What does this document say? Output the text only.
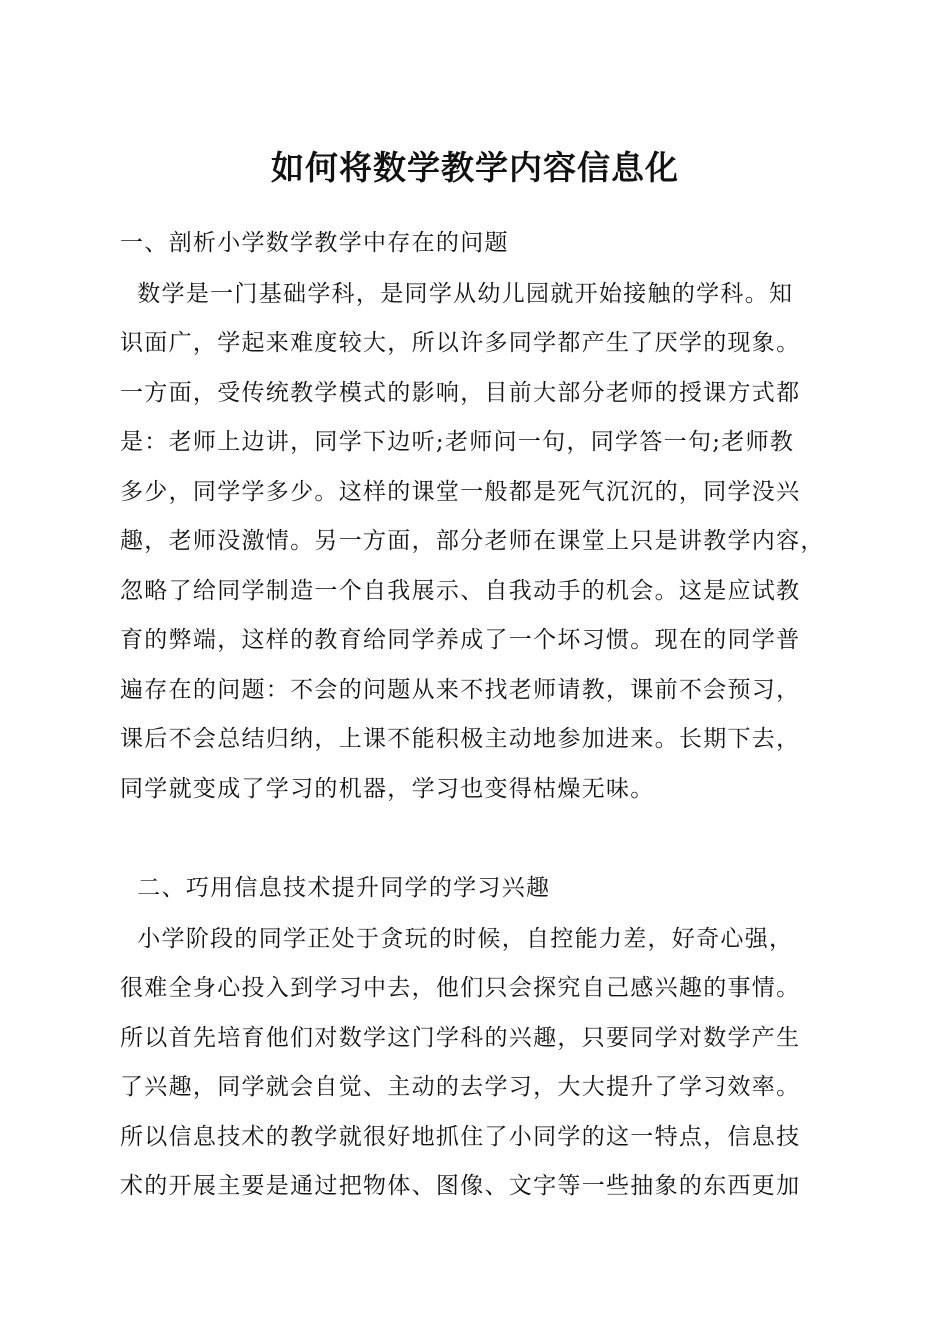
如何将数学教学内容信息化

一、剖析小学数学教学中存在的问题

数学是一门基础学科，是同学从幼儿园就开始接触的学科。知

识面广，学起来难度较大，所以许多同学都产生了厌学的现象。

一方面，受传统教学模式的影响，目前大部分老师的授课方式都

是：老师上边讲，同学下边听;老师问一句，同学答一句;老师教

多少，同学学多少。这样的课堂一般都是死气沉沉的，同学没兴

趣，老师没激情。另一方面，部分老师在课堂上只是讲教学内容，

忽略了给同学制造一个自我展示、自我动手的机会。这是应试教

育的弊端，这样的教育给同学养成了一个坏习惯。现在的同学普

遍存在的问题：不会的问题从来不找老师请教，课前不会预习，

课后不会总结归纳，上课不能积极主动地参加进来。长期下去，

同学就变成了学习的机器，学习也变得枯燥无味。

二、巧用信息技术提升同学的学习兴趣

小学阶段的同学正处于贪玩的时候，自控能力差，好奇心强，

很难全身心投入到学习中去，他们只会探究自己感兴趣的事情。

所以首先培育他们对数学这门学科的兴趣，只要同学对数学产生

了兴趣，同学就会自觉、主动的去学习，大大提升了学习效率。

所以信息技术的教学就很好地抓住了小同学的这一特点，信息技

术的开展主要是通过把物体、图像、文字等一些抽象的东西更加
